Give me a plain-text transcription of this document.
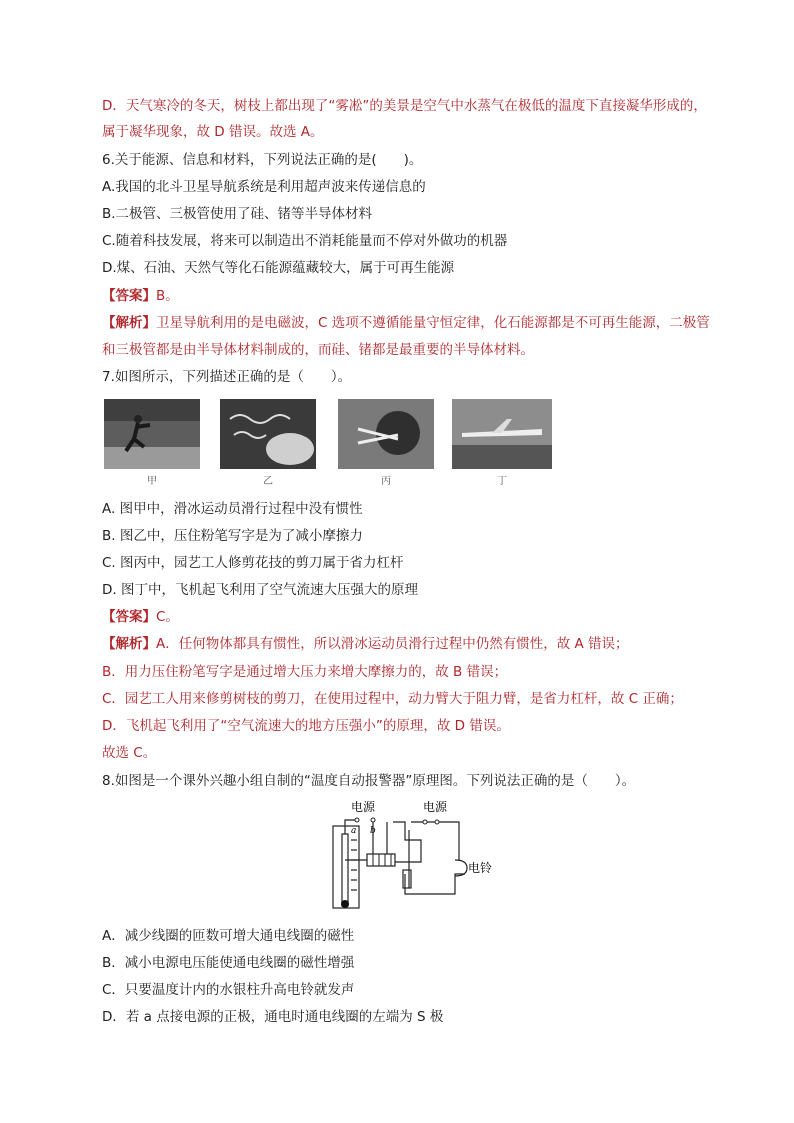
D．天气寒冷的冬天，树枝上都出现了“雾凇”的美景是空气中水蒸气在极低的温度下直接凝华形成的，
属于凝华现象，故 D 错误。故选 A。
6.关于能源、信息和材料，下列说法正确的是(　　)。
A.我国的北斗卫星导航系统是利用超声波来传递信息的
B.二极管、三极管使用了硅、锗等半导体材料
C.随着科技发展，将来可以制造出不消耗能量而不停对外做功的机器
D.煤、石油、天然气等化石能源蕴藏较大，属于可再生能源
【答案】B。
【解析】卫星导航利用的是电磁波，C 选项不遵循能量守恒定律，化石能源都是不可再生能源，二极管
和三极管都是由半导体材料制成的，而硅、锗都是最重要的半导体材料。
7.如图所示，下列描述正确的是（　　）。
甲	乙	丙	丁
A. 图甲中，滑冰运动员滑行过程中没有惯性
B. 图乙中，压住粉笔写字是为了减小摩擦力
C. 图丙中，园艺工人修剪花技的剪刀属于省力杠杆
D. 图丁中，飞机起飞利用了空气流速大压强大的原理
【答案】C。
【解析】A．任何物体都具有惯性，所以滑冰运动员滑行过程中仍然有惯性，故 A 错误；
B．用力压住粉笔写字是通过增大压力来增大摩擦力的，故 B 错误；
C．园艺工人用来修剪树枝的剪刀，在使用过程中，动力臂大于阻力臂，是省力杠杆，故 C 正确；
D．飞机起飞利用了“空气流速大的地方压强小”的原理，故 D 错误。
故选 C。
8.如图是一个课外兴趣小组自制的“温度自动报警器”原理图。下列说法正确的是（　　）。
电源	电源
a b
电铃
A．减少线圈的匝数可增大通电线圈的磁性
B．减小电源电压能使通电线圈的磁性增强
C．只要温度计内的水银柱升高电铃就发声
D．若 a 点接电源的正极，通电时通电线圈的左端为 S 极
